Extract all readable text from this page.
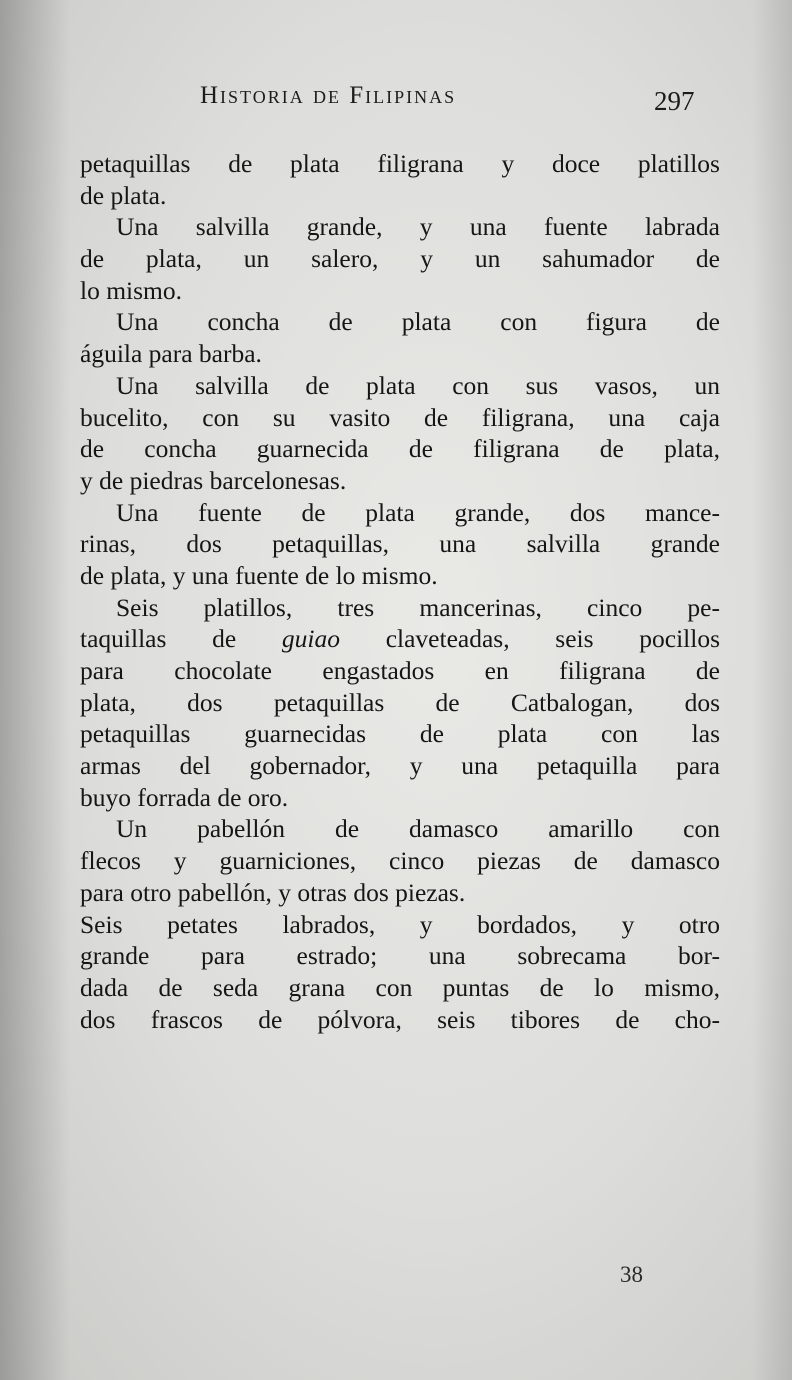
Historia de Filipinas	297
petaquillas de plata filigrana y doce platillos
de plata.
Una salvilla grande, y una fuente labrada
de plata, un salero, y un sahumador de
lo mismo.
Una concha de plata con figura de
águila para barba.
Una salvilla de plata con sus vasos, un
bucelito, con su vasito de filigrana, una caja
de concha guarnecida de filigrana de plata,
y de piedras barcelonesas.
Una fuente de plata grande, dos mance-
rinas, dos petaquillas, una salvilla grande
de plata, y una fuente de lo mismo.
Seis platillos, tres mancerinas, cinco pe-
taquillas de guiao claveteadas, seis pocillos
para chocolate engastados en filigrana de
plata, dos petaquillas de Catbalogan, dos
petaquillas guarnecidas de plata con las
armas del gobernador, y una petaquilla para
buyo forrada de oro.
Un pabellón de damasco amarillo con
flecos y guarniciones, cinco piezas de damasco
para otro pabellón, y otras dos piezas.
Seis petates labrados, y bordados, y otro
grande para estrado; una sobrecama bor-
dada de seda grana con puntas de lo mismo,
dos frascos de pólvora, seis tibores de cho-
38
